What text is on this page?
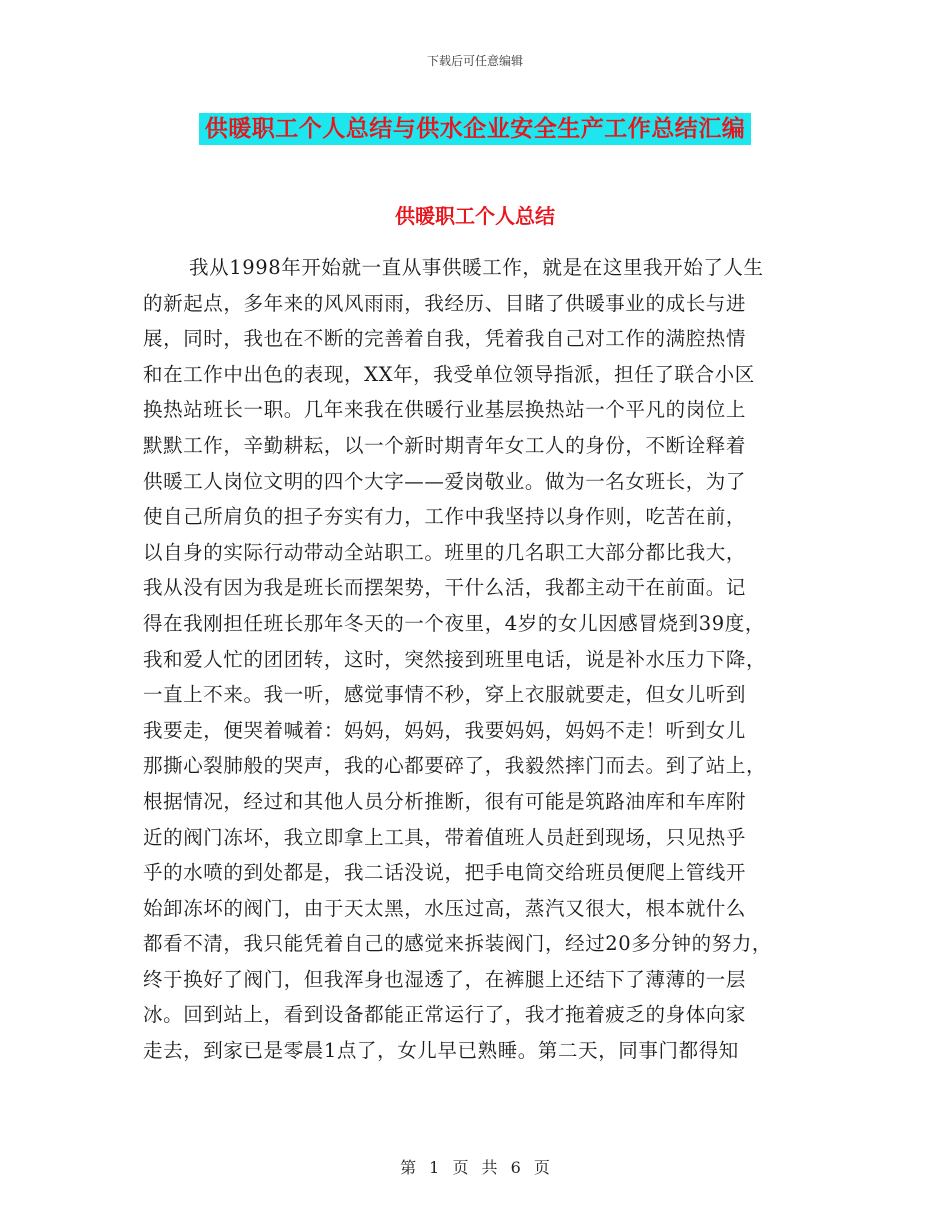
下载后可任意编辑
供暖职工个人总结与供水企业安全生产工作总结汇编
供暖职工个人总结
我从1998年开始就一直从事供暖工作，就是在这里我开始了人生
的新起点，多年来的风风雨雨，我经历、目睹了供暖事业的成长与进
展，同时，我也在不断的完善着自我，凭着我自己对工作的满腔热情
和在工作中出色的表现，XX年，我受单位领导指派，担任了联合小区
换热站班长一职。几年来我在供暖行业基层换热站一个平凡的岗位上
默默工作，辛勤耕耘，以一个新时期青年女工人的身份，不断诠释着
供暖工人岗位文明的四个大字——爱岗敬业。做为一名女班长，为了
使自己所肩负的担子夯实有力，工作中我坚持以身作则，吃苦在前，
以自身的实际行动带动全站职工。班里的几名职工大部分都比我大，
我从没有因为我是班长而摆架势，干什么活，我都主动干在前面。记
得在我刚担任班长那年冬天的一个夜里，4岁的女儿因感冒烧到39度，
我和爱人忙的团团转，这时，突然接到班里电话，说是补水压力下降，
一直上不来。我一听，感觉事情不秒，穿上衣服就要走，但女儿听到
我要走，便哭着喊着：妈妈，妈妈，我要妈妈，妈妈不走！听到女儿
那撕心裂肺般的哭声，我的心都要碎了，我毅然摔门而去。到了站上，
根据情况，经过和其他人员分析推断，很有可能是筑路油库和车库附
近的阀门冻坏，我立即拿上工具，带着值班人员赶到现场，只见热乎
乎的水喷的到处都是，我二话没说，把手电筒交给班员便爬上管线开
始卸冻坏的阀门，由于天太黑，水压过高，蒸汽又很大，根本就什么
都看不清，我只能凭着自己的感觉来拆装阀门，经过20多分钟的努力，
终于换好了阀门，但我浑身也湿透了，在裤腿上还结下了薄薄的一层
冰。回到站上，看到设备都能正常运行了，我才拖着疲乏的身体向家
走去，到家已是零晨1点了，女儿早已熟睡。第二天，同事门都得知
第 1 页 共 6 页
